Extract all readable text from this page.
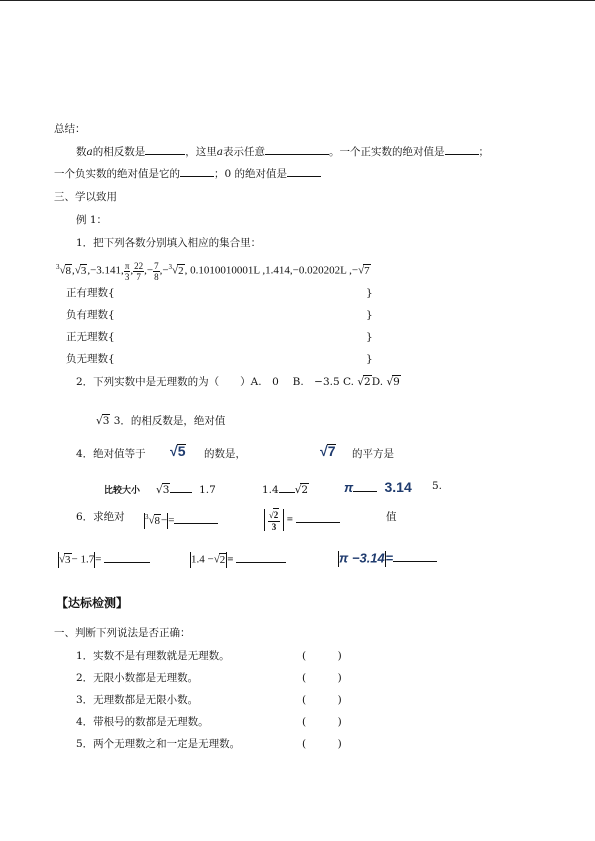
总结：
数a的相反数是	，这里a表示任意	。一个正实数的绝对值是	；
一个负实数的绝对值是它的	；0 的绝对值是
三、学以致用
例 1：
1．把下列各数分别填入相应的集合里：
$^3$√8,√3,−3.141, $\frac{\pi}{3}$ , $\frac{22}{7}$ ,− $\frac{7}{8} ,-^3√2$, 0.1010010001L ,1.414,−0.020202L ,−√7
正有理数{	}
负有理数{	}
正无理数{	}
负无理数{	}
2．下列实数中是无理数的为（　　）A.　0　 B.　−3.5 C. √2D. √9
√3 3．的相反数是，绝对值
4．绝对值等于 √5 的数是，	√7 的平方是
比较大小 √3	1.7	1.4 √2	π 3.14 5.
6．求绝对	$^3$√8−=
	$\frac{√2}{3}$ =	值
√3− 1.7=	1.4 −√2 =	π −3.14=
【达标检测】
一、判断下列说法是否正确：
1．实数不是有理数就是无理数。	(　　　)
2．无限小数都是无理数。	(　　　)
3．无理数都是无限小数。	(　　　)
4．带根号的数都是无理数。	(　　　)
5．两个无理数之和一定是无理数。	(　　　)
